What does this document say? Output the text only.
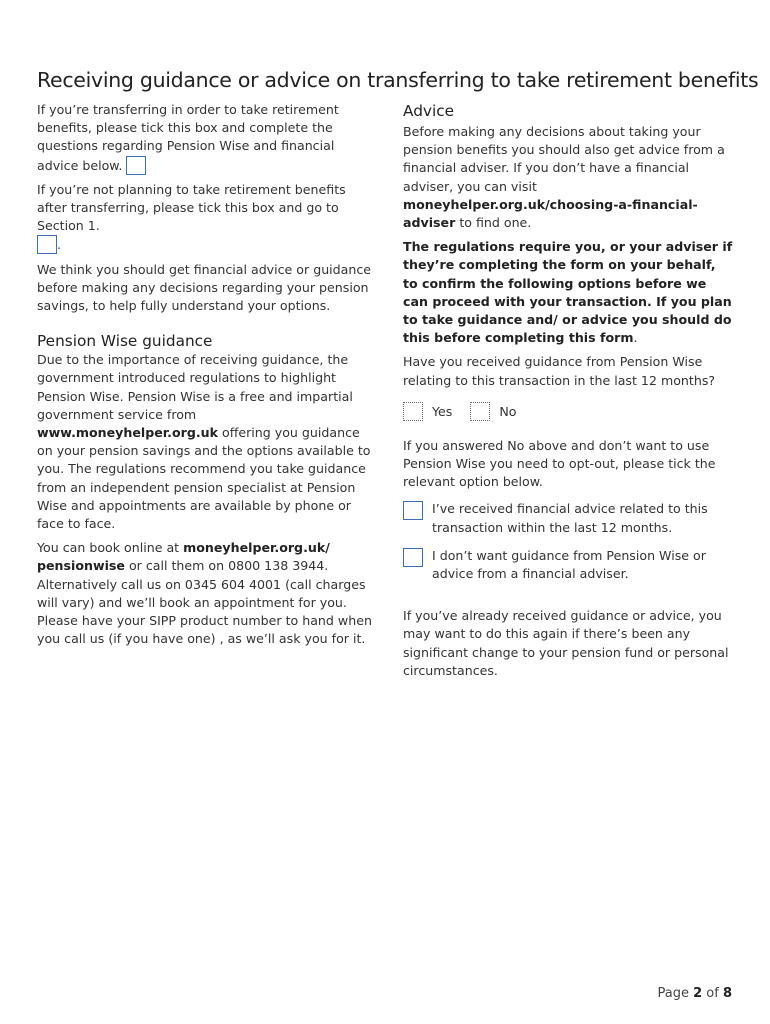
Receiving guidance or advice on transferring to take retirement benefits

If you’re transferring in order to take retirement benefits, please tick this box and complete the questions regarding Pension Wise and financial advice below.

If you’re not planning to take retirement benefits after transferring, please tick this box and go to Section 1.
.

We think you should get financial advice or guidance before making any decisions regarding your pension savings, to help fully understand your options.

Pension Wise guidance

Due to the importance of receiving guidance, the government introduced regulations to highlight Pension Wise. Pension Wise is a free and impartial government service from www.moneyhelper.org.uk offering you guidance on your pension savings and the options available to you. The regulations recommend you take guidance from an independent pension specialist at Pension Wise and appointments are available by phone or face to face.

You can book online at moneyhelper.org.uk/ pensionwise or call them on 0800 138 3944. Alternatively call us on 0345 604 4001 (call charges will vary) and we’ll book an appointment for you. Please have your SIPP product number to hand when you call us (if you have one) , as we’ll ask you for it.

Advice

Before making any decisions about taking your pension benefits you should also get advice from a financial adviser. If you don’t have a financial adviser, you can visit moneyhelper.org.uk/choosing-a-financial-adviser to find one.

The regulations require you, or your adviser if they’re completing the form on your behalf, to confirm the following options before we can proceed with your transaction. If you plan to take guidance and/ or advice you should do this before completing this form.

Have you received guidance from Pension Wise relating to this transaction in the last 12 months?

Yes	No

If you answered No above and don’t want to use Pension Wise you need to opt-out, please tick the relevant option below.

I’ve received financial advice related to this transaction within the last 12 months.
I don’t want guidance from Pension Wise or advice from a financial adviser.

If you’ve already received guidance or advice, you may want to do this again if there’s been any significant change to your pension fund or personal circumstances.

Page 2 of 8
